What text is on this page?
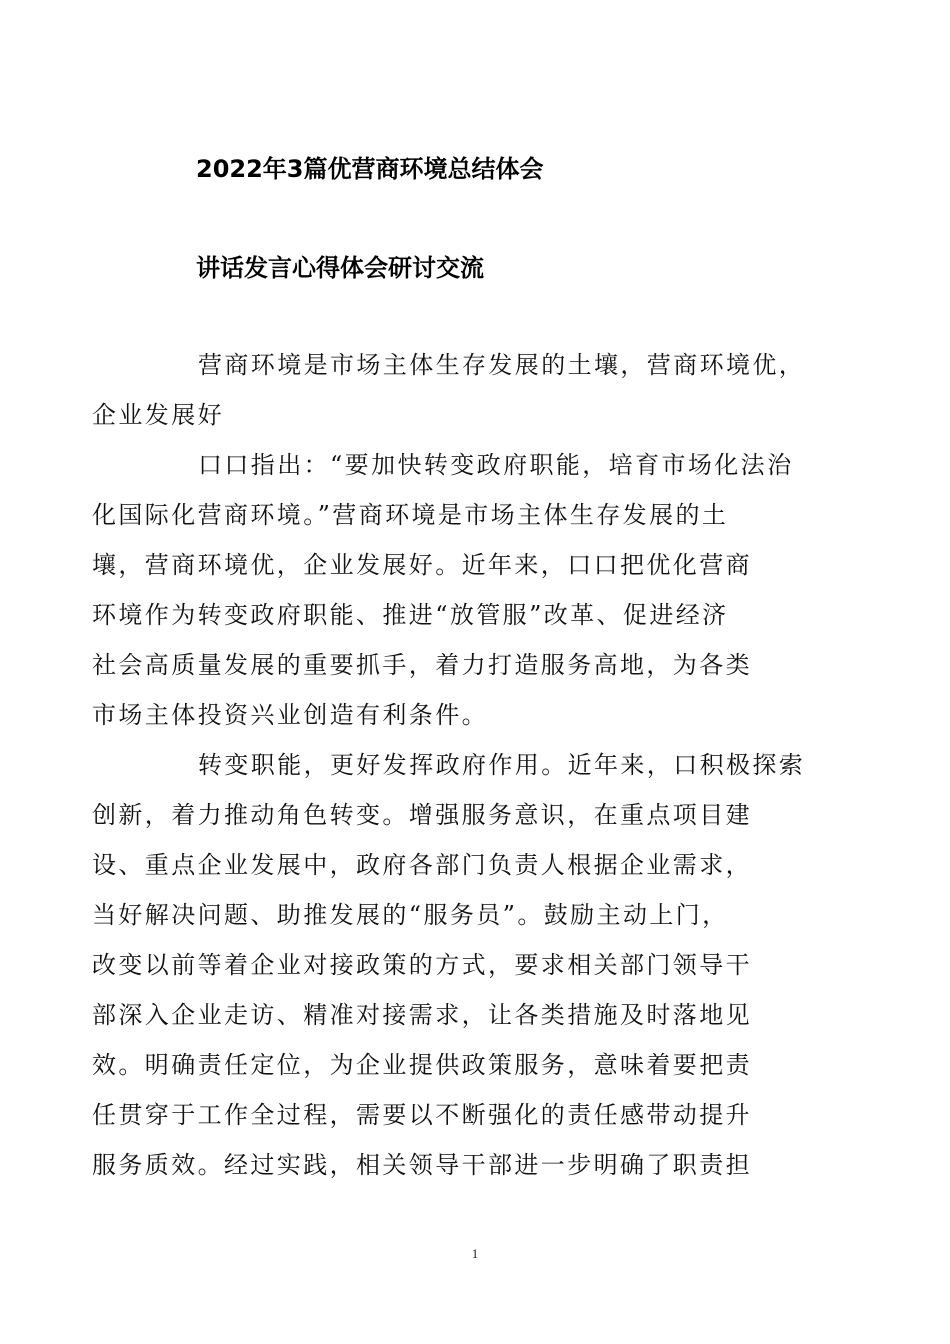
2022年3篇优营商环境总结体会
讲话发言心得体会研讨交流

营商环境是市场主体生存发展的土壤，营商环境优，
企业发展好

口口指出：“要加快转变政府职能，培育市场化法治
化国际化营商环境。”营商环境是市场主体生存发展的土
壤，营商环境优，企业发展好。近年来，口口把优化营商
环境作为转变政府职能、推进“放管服”改革、促进经济
社会高质量发展的重要抓手，着力打造服务高地，为各类
市场主体投资兴业创造有利条件。

转变职能，更好发挥政府作用。近年来，口积极探索
创新，着力推动角色转变。增强服务意识，在重点项目建
设、重点企业发展中，政府各部门负责人根据企业需求，
当好解决问题、助推发展的“服务员”。鼓励主动上门，
改变以前等着企业对接政策的方式，要求相关部门领导干
部深入企业走访、精准对接需求，让各类措施及时落地见
效。明确责任定位，为企业提供政策服务，意味着要把责
任贯穿于工作全过程，需要以不断强化的责任感带动提升
服务质效。经过实践，相关领导干部进一步明确了职责担

1
